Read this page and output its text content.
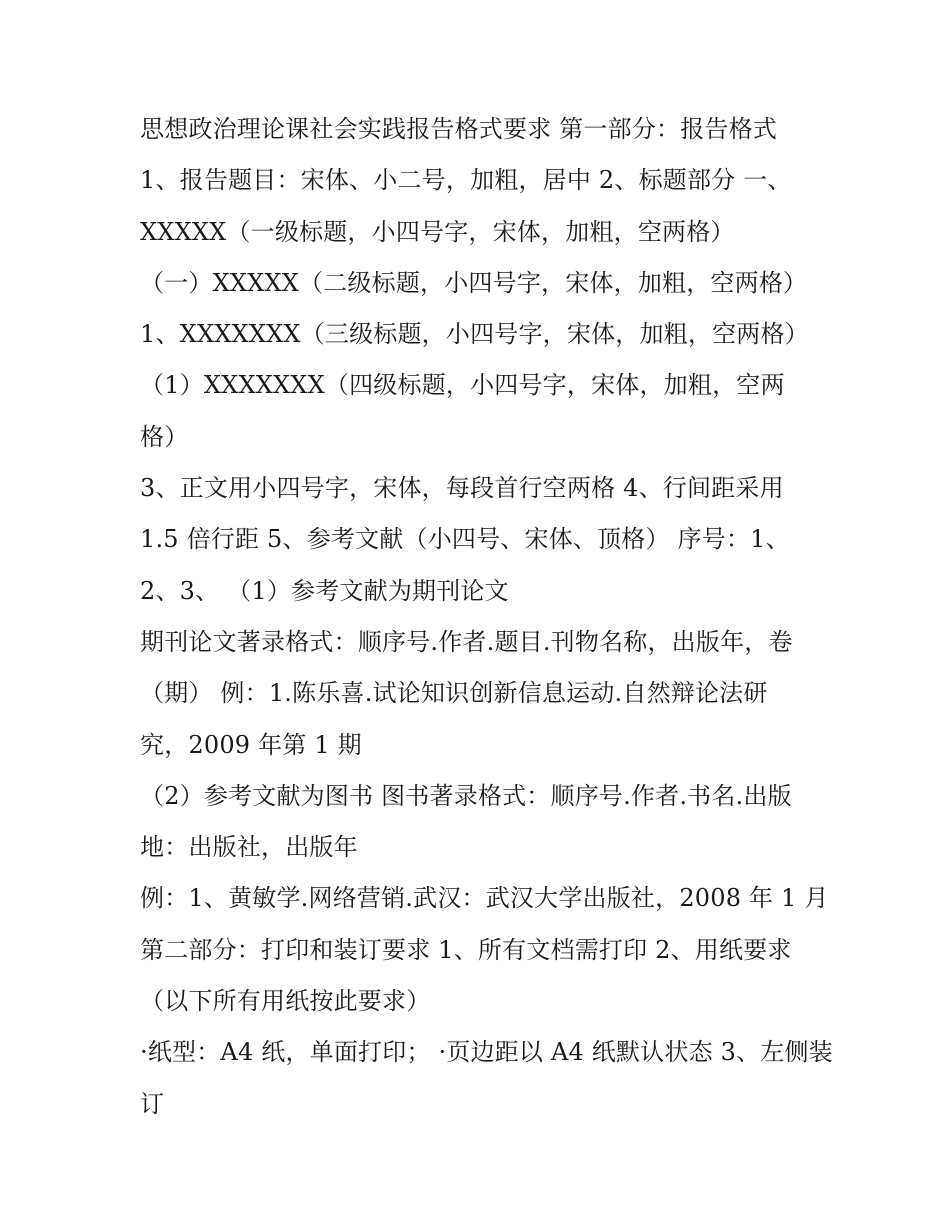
思想政治理论课社会实践报告格式要求 第一部分：报告格式
1、报告题目：宋体、小二号，加粗，居中 2、标题部分 一、
XXXXX（一级标题，小四号字，宋体，加粗，空两格）
（一）XXXXX（二级标题，小四号字，宋体，加粗，空两格）
1、XXXXXXX（三级标题，小四号字，宋体，加粗，空两格）
（1）XXXXXXX（四级标题，小四号字，宋体，加粗，空两
格）
3、正文用小四号字，宋体，每段首行空两格 4、行间距采用
1.5 倍行距 5、参考文献（小四号、宋体、顶格） 序号：1、
2、3、 （1）参考文献为期刊论文
期刊论文著录格式：顺序号.作者.题目.刊物名称，出版年，卷
（期） 例：1.陈乐喜.试论知识创新信息运动.自然辩论法研
究，2009 年第 1 期
（2）参考文献为图书 图书著录格式：顺序号.作者.书名.出版
地：出版社，出版年
例：1、黄敏学.网络营销.武汉：武汉大学出版社，2008 年 1 月
第二部分：打印和装订要求 1、所有文档需打印 2、用纸要求
（以下所有用纸按此要求）
·纸型：A4 纸，单面打印； ·页边距以 A4 纸默认状态 3、左侧装
订
